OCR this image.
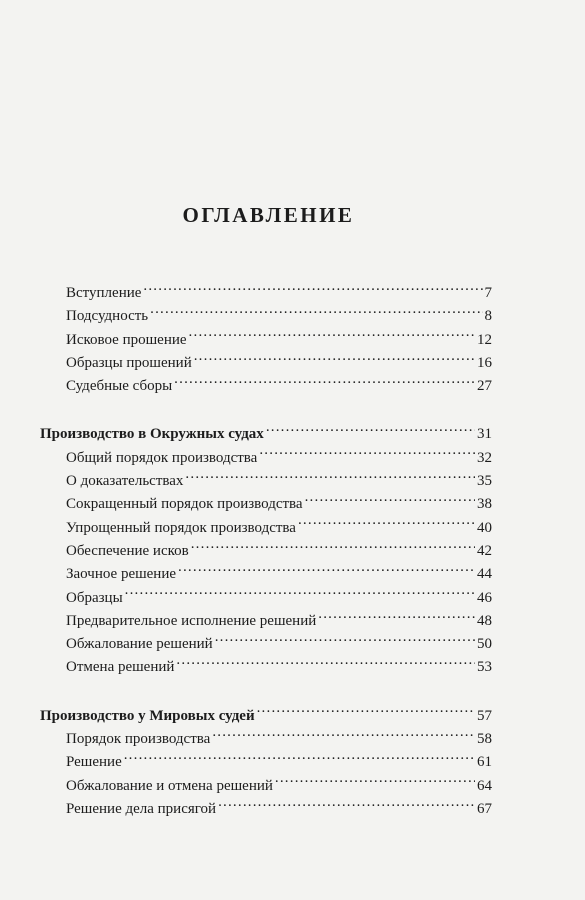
ОГЛАВЛЕНИЕ
Вступление .....	7
Подсудность .....	8
Исковое прошение .....	12
Образцы прошений .....	16
Судебные сборы .....	27
Производство в Окружных судах .....	31
Общий порядок производства .....	32
О доказательствах .....	35
Сокращенный порядок производства .....	38
Упрощенный порядок производства .....	40
Обеспечение исков .....	42
Заочное решение .....	44
Образцы .....	46
Предварительное исполнение решений .....	48
Обжалование решений .....	50
Отмена решений .....	53
Производство у Мировых судей .....	57
Порядок производства .....	58
Решение .....	61
Обжалование и отмена решений .....	64
Решение дела присягой .....	67
